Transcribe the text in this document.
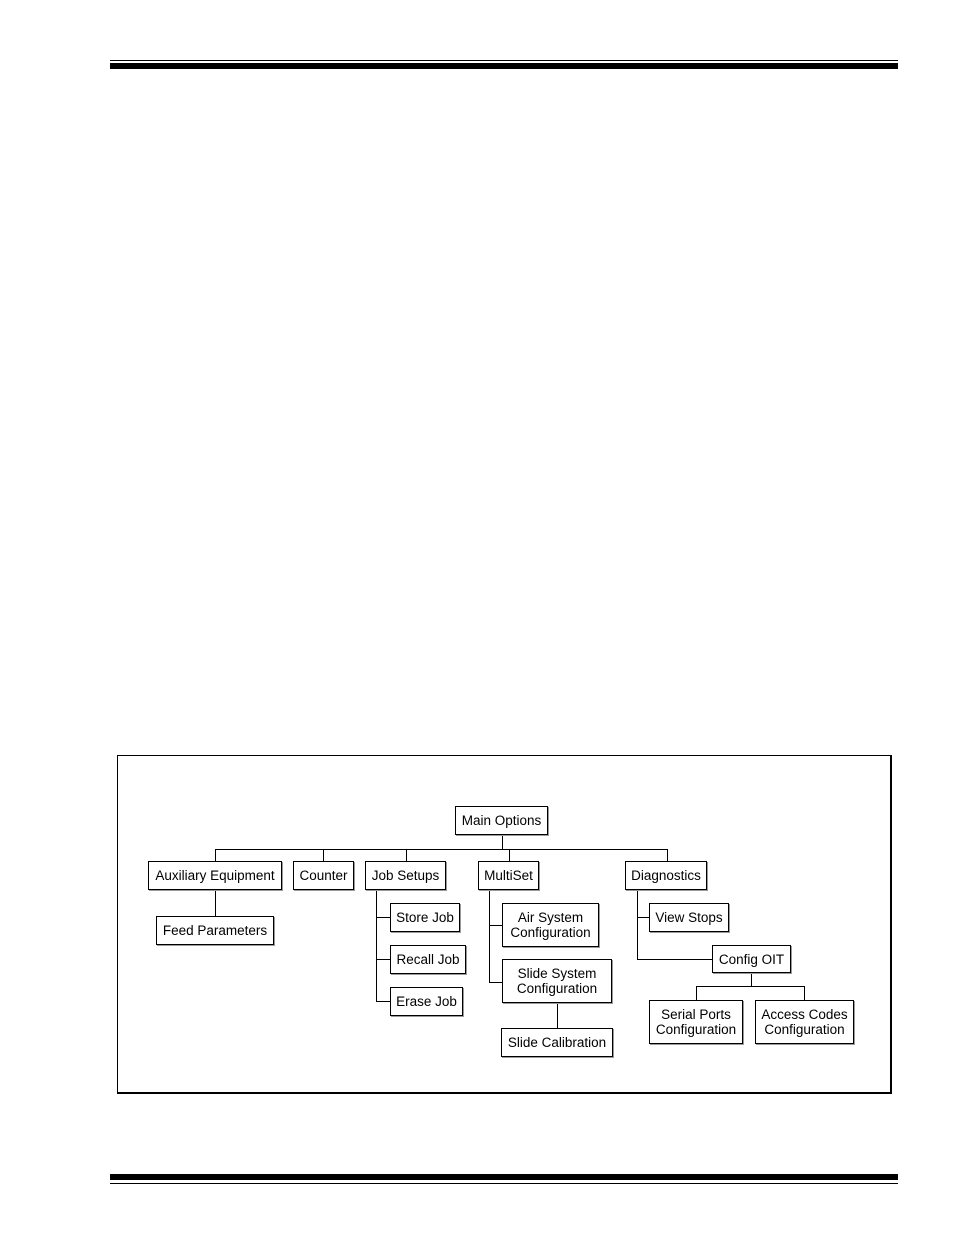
Main Options
Auxiliary Equipment
Feed Parameters
Counter Job Setups
Store Job
Recall Job
Erase Job
MultiSet
Air System
Configuration
Slide System
Configuration
Slide Calibration
Diagnostics
View Stops
Config OIT
Serial Ports
Configuration
Access Codes
Configuration
